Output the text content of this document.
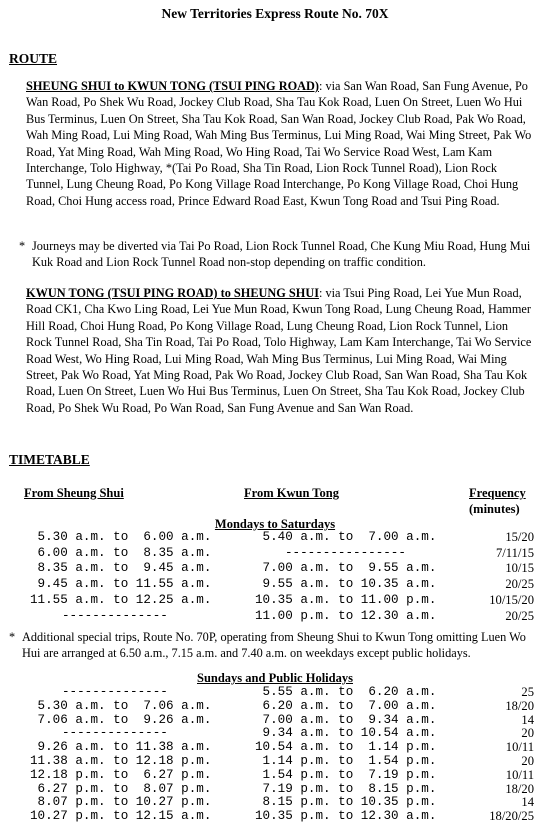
New Territories Express Route No. 70X
ROUTE
SHEUNG SHUI to KWUN TONG (TSUI PING ROAD): via San Wan Road, San Fung Avenue, Po Wan Road, Po Shek Wu Road, Jockey Club Road, Sha Tau Kok Road, Luen On Street, Luen Wo Hui Bus Terminus, Luen On Street, Sha Tau Kok Road, San Wan Road, Jockey Club Road, Pak Wo Road, Wah Ming Road, Lui Ming Road, Wah Ming Bus Terminus, Lui Ming Road, Wai Ming Street, Pak Wo Road, Yat Ming Road, Wah Ming Road, Wo Hing Road, Tai Wo Service Road West, Lam Kam Interchange, Tolo Highway, *(Tai Po Road, Sha Tin Road, Lion Rock Tunnel Road), Lion Rock Tunnel, Lung Cheung Road, Po Kong Village Road Interchange, Po Kong Village Road, Choi Hung Road, Choi Hung access road, Prince Edward Road East, Kwun Tong Road and Tsui Ping Road.
* Journeys may be diverted via Tai Po Road, Lion Rock Tunnel Road, Che Kung Miu Road, Hung Mui Kuk Road and Lion Rock Tunnel Road non-stop depending on traffic condition.
KWUN TONG (TSUI PING ROAD) to SHEUNG SHUI: via Tsui Ping Road, Lei Yue Mun Road, Road CK1, Cha Kwo Ling Road, Lei Yue Mun Road, Kwun Tong Road, Lung Cheung Road, Hammer Hill Road, Choi Hung Road, Po Kong Village Road, Lung Cheung Road, Lion Rock Tunnel, Lion Rock Tunnel Road, Sha Tin Road, Tai Po Road, Tolo Highway, Lam Kam Interchange, Tai Wo Service Road West, Wo Hing Road, Lui Ming Road, Wah Ming Bus Terminus, Lui Ming Road, Wai Ming Street, Pak Wo Road, Yat Ming Road, Pak Wo Road, Jockey Club Road, San Wan Road, Sha Tau Kok Road, Luen On Street, Luen Wo Hui Bus Terminus, Luen On Street, Sha Tau Kok Road, Jockey Club Road, Po Shek Wu Road, Po Wan Road, San Fung Avenue and San Wan Road.
TIMETABLE
From Sheung Shui	From Kwun Tong	Frequency
(minutes)
Mondays to Saturdays
5.30 a.m. to  6.00 a.m.	5.40 a.m. to  7.00 a.m.	15/20
6.00 a.m. to  8.35 a.m.	----------------	7/11/15
8.35 a.m. to  9.45 a.m.	7.00 a.m. to  9.55 a.m.	10/15
9.45 a.m. to 11.55 a.m.	9.55 a.m. to 10.35 a.m.	20/25
11.55 a.m. to 12.25 a.m.	10.35 a.m. to 11.00 p.m.	10/15/20
--------------	11.00 p.m. to 12.30 a.m.	20/25
* Additional special trips, Route No. 70P, operating from Sheung Shui to Kwun Tong omitting Luen Wo Hui are arranged at 6.50 a.m., 7.15 a.m. and 7.40 a.m. on weekdays except public holidays.
Sundays and Public Holidays
--------------	5.55 a.m. to  6.20 a.m.	25
5.30 a.m. to  7.06 a.m.	6.20 a.m. to  7.00 a.m.	18/20
7.06 a.m. to  9.26 a.m.	7.00 a.m. to  9.34 a.m.	14
--------------	9.34 a.m. to 10.54 a.m.	20
9.26 a.m. to 11.38 a.m.	10.54 a.m. to  1.14 p.m.	10/11
11.38 a.m. to 12.18 p.m.	1.14 p.m. to  1.54 p.m.	20
12.18 p.m. to  6.27 p.m.	1.54 p.m. to  7.19 p.m.	10/11
6.27 p.m. to  8.07 p.m.	7.19 p.m. to  8.15 p.m.	18/20
8.07 p.m. to 10.27 p.m.	8.15 p.m. to 10.35 p.m.	14
10.27 p.m. to 12.15 a.m.	10.35 p.m. to 12.30 a.m.	18/20/25
